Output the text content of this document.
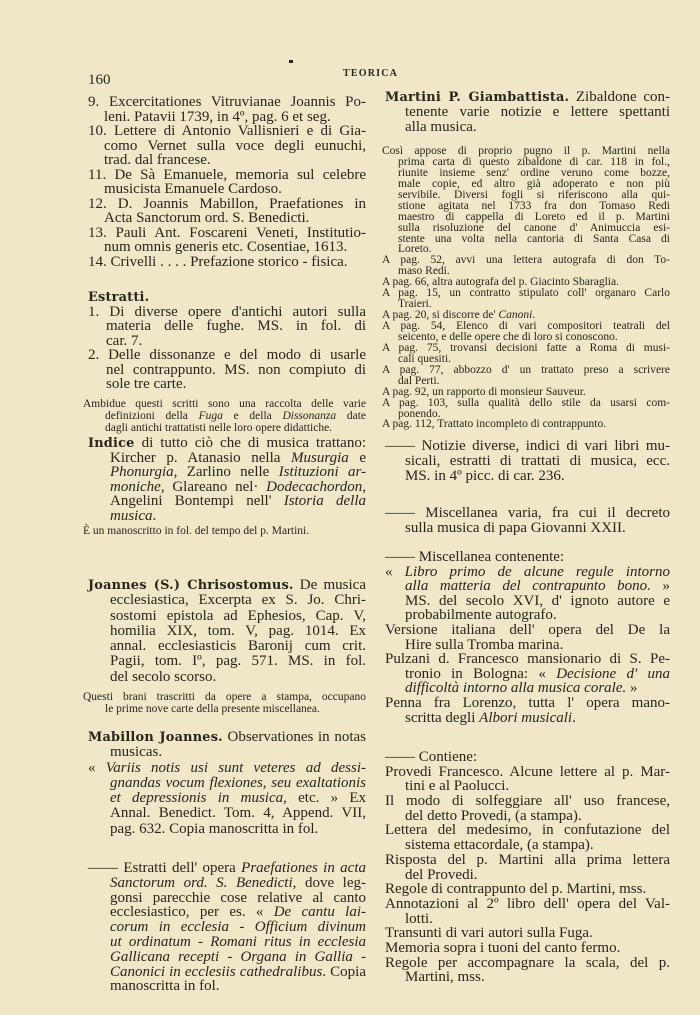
160	TEORICA
9. Excercitationes Vitruvianae Joannis Po-
leni. Patavii 1739, in 4º, pag. 6 et seg.
10. Lettere di Antonio Vallisnieri e di Gia-
como Vernet sulla voce degli eunuchi,
trad. dal francese.
11. De Sà Emanuele, memoria sul celebre
musicista Emanuele Cardoso.
12. D. Joannis Mabillon, Praefationes in
Acta Sanctorum ord. S. Benedicti.
13. Pauli Ant. Foscareni Veneti, Institutio-
num omnis generis etc. Cosentiae, 1613.
14. Crivelli . . . . Prefazione storico - fisica.
Estratti.
1. Di diverse opere d'antichi autori sulla
materia delle fughe. MS. in fol. di
car. 7.
2. Delle dissonanze e del modo di usarle
nel contrappunto. MS. non compiuto di
sole tre carte.
Ambidue questi scritti sono una raccolta delle varie
definizioni della Fuga e della Dissonanza date
dagli antichi trattatisti nelle loro opere didattiche.
Indice di tutto ciò che di musica trattano:
Kircher p. Atanasio nella Musurgia e
Phonurgia, Zarlino nelle Istituzioni ar-
moniche, Glareano nel· Dodecachordon,
Angelini Bontempi nell' Istoria della
musica.
È un manoscritto in fol. del tempo del p. Martini.
Joannes (S.) Chrisostomus. De musica
ecclesiastica, Excerpta ex S. Jo. Chri-
sostomi epistola ad Ephesios, Cap. V,
homilia XIX, tom. V, pag. 1014. Ex
annal. ecclesiasticis Baronij cum crit.
Pagii, tom. Iº, pag. 571. MS. in fol.
del secolo scorso.
Questi brani trascritti da opere a stampa, occupano
le prime nove carte della presente miscellanea.
Mabillon Joannes. Observationes in notas
musicas.
« Variis notis usi sunt veteres ad dessi-
gnandas vocum flexiones, seu exaltationis
et depressionis in musica, etc. » Ex
Annal. Benedict. Tom. 4, Append. VII,
pag. 632. Copia manoscritta in fol.
—— Estratti dell' opera Praefationes in acta
Sanctorum ord. S. Benedicti, dove leg-
gonsi parecchie cose relative al canto
ecclesiastico, per es. « De cantu lai-
corum in ecclesia - Officium divinum
ut ordinatum - Romani ritus in ecclesia
Gallicana recepti - Organa in Gallia -
Canonici in ecclesiis cathedralibus. Copia
manoscritta in fol.
Martini P. Giambattista. Zibaldone con-
tenente varie notizie e lettere spettanti
alla musica.
Così appose di proprio pugno il p. Martini nella
prima carta di questo zibaldone di car. 118 in fol.,
riunite insieme senz' ordine veruno come bozze,
male copie, ed altro già adoperato e non più
servibile. Diversi fogli si riferiscono alla qui-
stione agitata nel 1733 fra don Tomaso Redi
maestro di cappella di Loreto ed il p. Martini
sulla risoluzione del canone d' Animuccia esi-
stente una volta nella cantoria di Santa Casa di
Loreto.
A pag. 52, avvi una lettera autografa di don To-
maso Redi.
A pag. 66, altra autografa del p. Giacinto Sbaraglia.
A pag. 15, un contratto stipulato coll' organaro Carlo
Traieri.
A pag. 20, si discorre de' Canoni.
A pag. 54, Elenco di vari compositori teatrali del
seicento, e delle opere che di loro si conoscono.
A pag. 75, trovansi decisioni fatte a Roma di musi-
cali quesiti.
A pag. 77, abbozzo d' un trattato preso a scrivere
dal Perti.
A pag. 92, un rapporto di monsieur Sauveur.
A pag. 103, sulla qualità dello stile da usarsi com-
ponendo.
A pag. 112, Trattato incompleto di contrappunto.
—— Notizie diverse, indici di vari libri mu-
sicali, estratti di trattati di musica, ecc.
MS. in 4º picc. di car. 236.
—— Miscellanea varia, fra cui il decreto
sulla musica di papa Giovanni XXII.
—— Miscellanea contenente:
« Libro primo de alcune regule intorno
alla matteria del contrapunto bono. »
MS. del secolo XVI, d' ignoto autore e
probabilmente autografo.
Versione italiana dell' opera del De la
Hire sulla Tromba marina.
Pulzani d. Francesco mansionario di S. Pe-
tronio in Bologna: « Decisione d' una
difficoltà intorno alla musica corale. »
Penna fra Lorenzo, tutta l' opera mano-
scritta degli Albori musicali.
—— Contiene:
Provedi Francesco. Alcune lettere al p. Mar-
tini e al Paolucci.
Il modo di solfeggiare all' uso francese,
del detto Provedi, (a stampa).
Lettera del medesimo, in confutazione del
sistema ettacordale, (a stampa).
Risposta del p. Martini alla prima lettera
del Provedi.
Regole di contrappunto del p. Martini, mss.
Annotazioni al 2º libro dell' opera del Val-
lotti.
Transunti di vari autori sulla Fuga.
Memoria sopra i tuoni del canto fermo.
Regole per accompagnare la scala, del p.
Martini, mss.
